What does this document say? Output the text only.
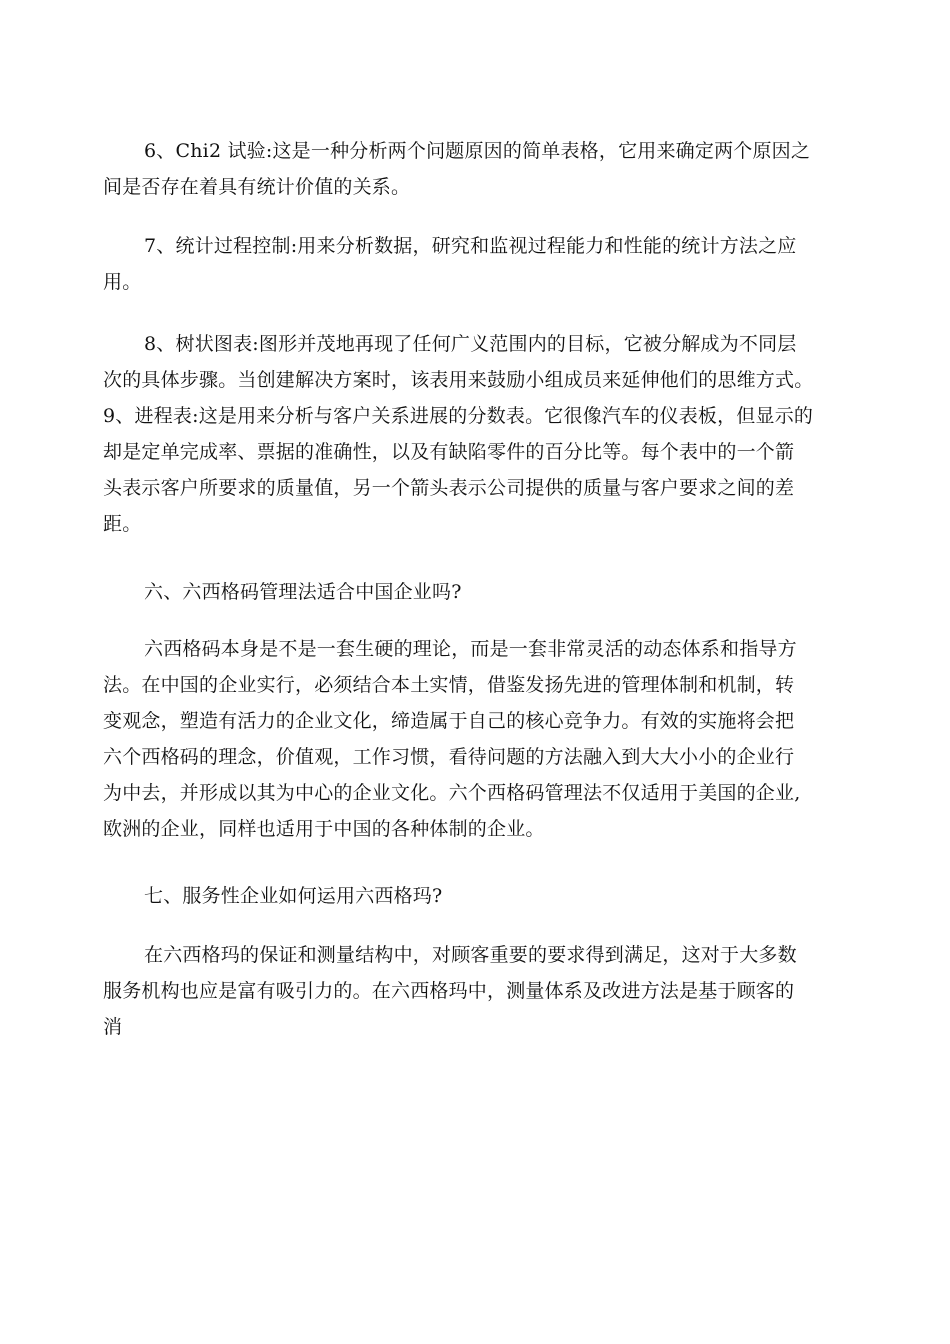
6、Chi2 试验:这是一种分析两个问题原因的简单表格，它用来确定两个原因之
间是否存在着具有统计价值的关系。
7、统计过程控制:用来分析数据，研究和监视过程能力和性能的统计方法之应
用。
8、树状图表:图形并茂地再现了任何广义范围内的目标，它被分解成为不同层
次的具体步骤。当创建解决方案时，该表用来鼓励小组成员来延伸他们的思维方式。
9、进程表:这是用来分析与客户关系进展的分数表。它很像汽车的仪表板，但显示的
却是定单完成率、票据的准确性，以及有缺陷零件的百分比等。每个表中的一个箭
头表示客户所要求的质量值，另一个箭头表示公司提供的质量与客户要求之间的差
距。
六、六西格码管理法适合中国企业吗?
六西格码本身是不是一套生硬的理论，而是一套非常灵活的动态体系和指导方
法。在中国的企业实行，必须结合本土实情，借鉴发扬先进的管理体制和机制，转
变观念，塑造有活力的企业文化，缔造属于自己的核心竞争力。有效的实施将会把
六个西格码的理念，价值观，工作习惯，看待问题的方法融入到大大小小的企业行
为中去，并形成以其为中心的企业文化。六个西格码管理法不仅适用于美国的企业,
欧洲的企业，同样也适用于中国的各种体制的企业。
七、服务性企业如何运用六西格玛?
在六西格玛的保证和测量结构中，对顾客重要的要求得到满足，这对于大多数
服务机构也应是富有吸引力的。在六西格玛中，测量体系及改进方法是基于顾客的
消
